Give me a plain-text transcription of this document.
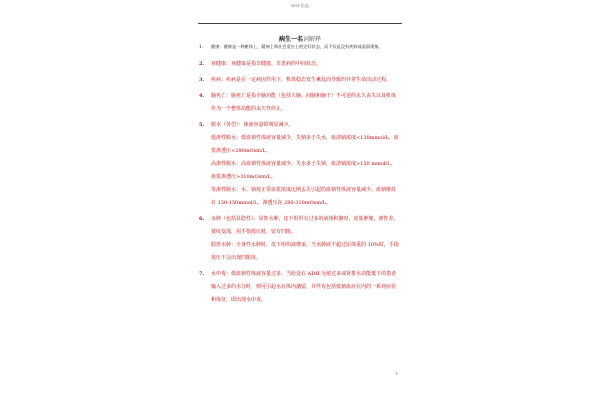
WIT 出品
病生一名词解释
1. 健康：健康是一种躯体上、精神上和社会适应上的完好状态，而不仅是没有疾病或虚弱现象。
2. 亚健康：亚健康是指非健康、非患病的中间状态。
3. 疾病：疾病是在一定病因作用下，机体稳态发生紊乱而导致的异常生命活动过程。
4. 脑死亡：脑死亡是指全脑功能（包括大脑、间脑和脑干）不可逆的永久丧失以及机体作为一个整体功能的永久性停止。
5. 脱水（各型）：体液容量的明显减少。
低渗性脱水：低血钠性体液容量减少，失钠多于失水，血清钠浓度<130mmol/L，血浆渗透压<280mOsm/L。
高渗性脱水：高血钠性体液容量减少，失水多于失钠，血清钠浓度>150 mmol/L，血浆渗透压>310mOsm/L。
等渗性脱水：水、钠按正常血浆浓度比例丢失引起的血钠性体液容量减少，血钠维持在 130-150mmol/L，渗透压在 280-310mOsm/L。
6. 水肿（包括显隐性）：显性水肿，皮下组织有过多的液体积聚时，皮肤肿胀，弹性差，皱纹变浅，用手指按压时，留有凹陷。
隐形水肿：全身性水肿时，皮下组织液增多，当水肿液不超过原体重的 10%时，手指按压不会出现凹陷征。
7. 水中毒：低血钠性体液容量过多，当给处在 ADH 分泌过多或肾排水功能低下的患者输入过多的水分时，则可引起水在体内潴留，并伴有包括低钠血症在内的一系列症状和体征，即出现水中毒。
1
